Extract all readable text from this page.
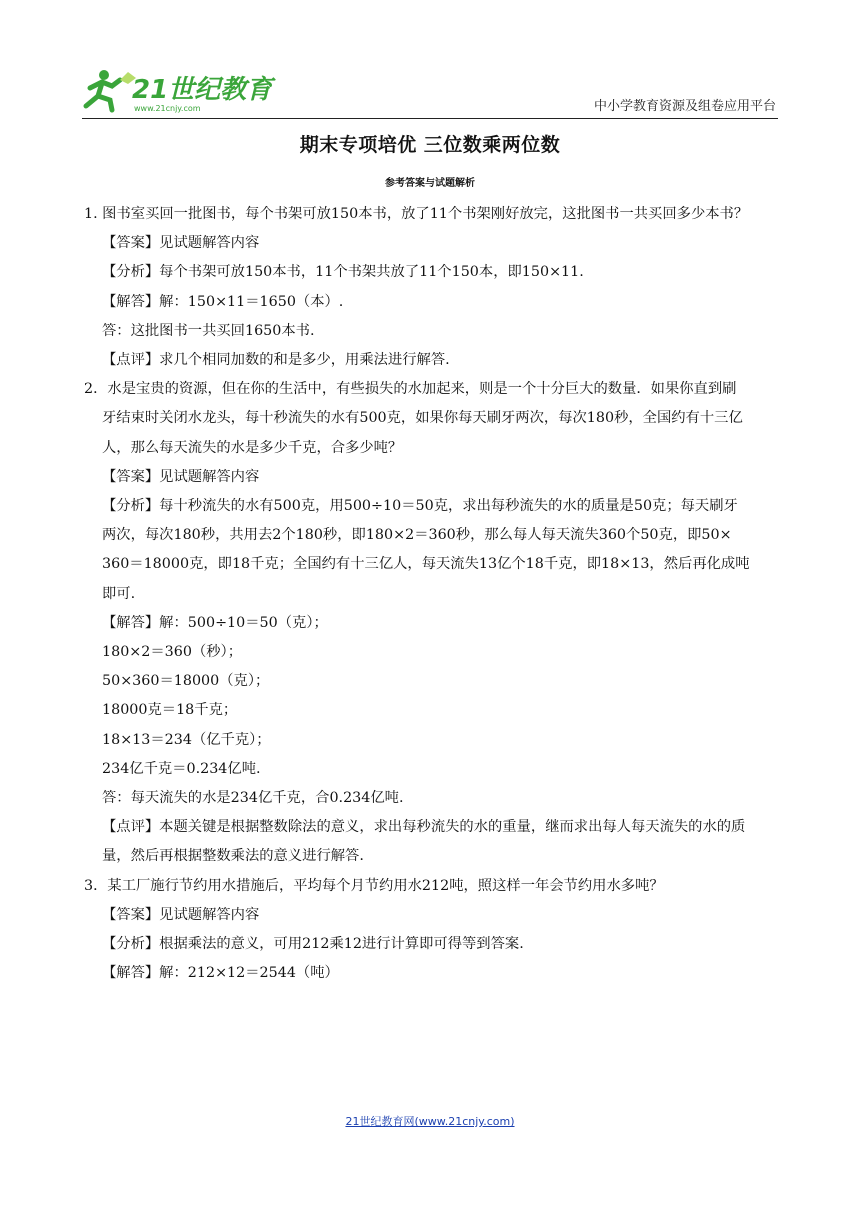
21世纪教育
www.21cnjy.com	中小学教育资源及组卷应用平台
期末专项培优 三位数乘两位数
参考答案与试题解析

1. 图书室买回一批图书，每个书架可放150本书，放了11个书架刚好放完，这批图书一共买回多少本书？

【答案】见试题解答内容

【分析】每个书架可放150本书，11个书架共放了11个150本，即150×11.

【解答】解：150×11＝1650（本）.

答：这批图书一共买回1650本书.

【点评】求几个相同加数的和是多少，用乘法进行解答.

2．水是宝贵的资源，但在你的生活中，有些损失的水加起来，则是一个十分巨大的数量．如果你直到刷

牙结束时关闭水龙头，每十秒流失的水有500克，如果你每天刷牙两次，每次180秒，全国约有十三亿

人，那么每天流失的水是多少千克，合多少吨？

【答案】见试题解答内容

【分析】每十秒流失的水有500克，用500÷10＝50克，求出每秒流失的水的质量是50克；每天刷牙

两次，每次180秒，共用去2个180秒，即180×2＝360秒，那么每人每天流失360个50克，即50×

360＝18000克，即18千克；全国约有十三亿人，每天流失13亿个18千克，即18×13，然后再化成吨

即可.

【解答】解：500÷10＝50（克）；

180×2＝360（秒）；

50×360＝18000（克）；

18000克＝18千克；

18×13＝234（亿千克）；

234亿千克＝0.234亿吨.

答：每天流失的水是234亿千克，合0.234亿吨.

【点评】本题关键是根据整数除法的意义，求出每秒流失的水的重量，继而求出每人每天流失的水的质

量，然后再根据整数乘法的意义进行解答.

3．某工厂施行节约用水措施后，平均每个月节约用水212吨，照这样一年会节约用水多吨？

【答案】见试题解答内容

【分析】根据乘法的意义，可用212乘12进行计算即可得等到答案.

【解答】解：212×12＝2544（吨）

21世纪教育网(www.21cnjy.com)
